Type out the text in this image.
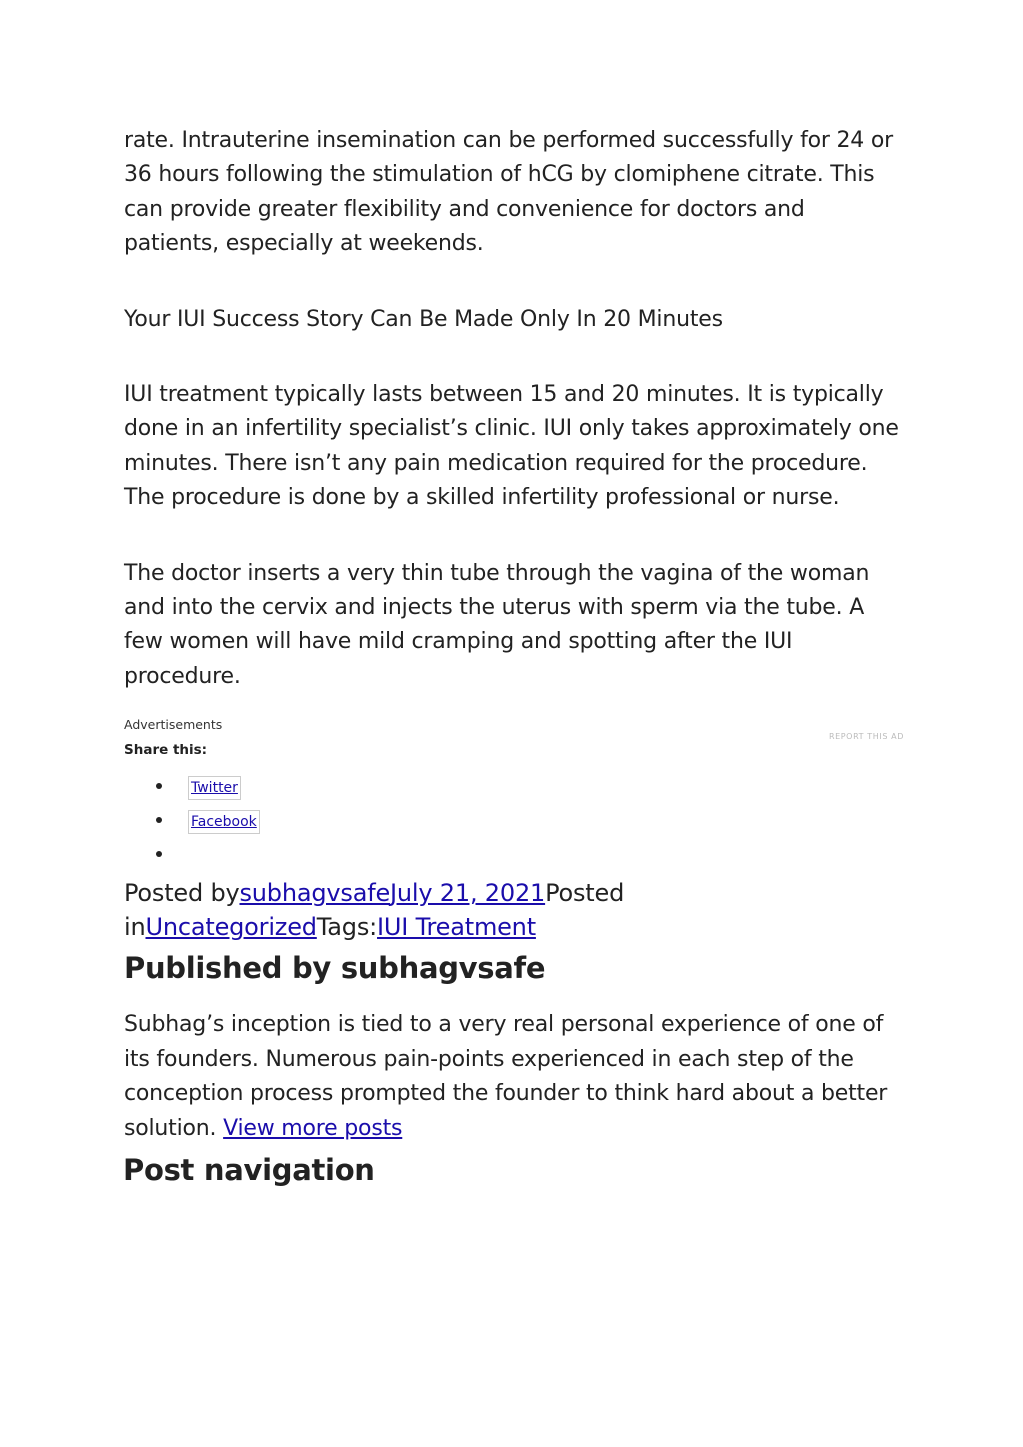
rate. Intrauterine insemination can be performed successfully for 24 or 36 hours following the stimulation of hCG by clomiphene citrate. This can provide greater flexibility and convenience for doctors and patients, especially at weekends.

Your IUI Success Story Can Be Made Only In 20 Minutes

IUI treatment typically lasts between 15 and 20 minutes. It is typically done in an infertility specialist’s clinic. IUI only takes approximately one minutes. There isn’t any pain medication required for the procedure. The procedure is done by a skilled infertility professional or nurse.

The doctor inserts a very thin tube through the vagina of the woman and into the cervix and injects the uterus with sperm via the tube. A few women will have mild cramping and spotting after the IUI procedure.

Advertisements
REPORT THIS AD
Share this:
Twitter
Facebook
Posted bysubhagvsafeJuly 21, 2021Posted inUncategorizedTags:IUI Treatment
Published by subhagvsafe
Subhag’s inception is tied to a very real personal experience of one of its founders. Numerous pain-points experienced in each step of the conception process prompted the founder to think hard about a better solution. View more posts
Post navigation
